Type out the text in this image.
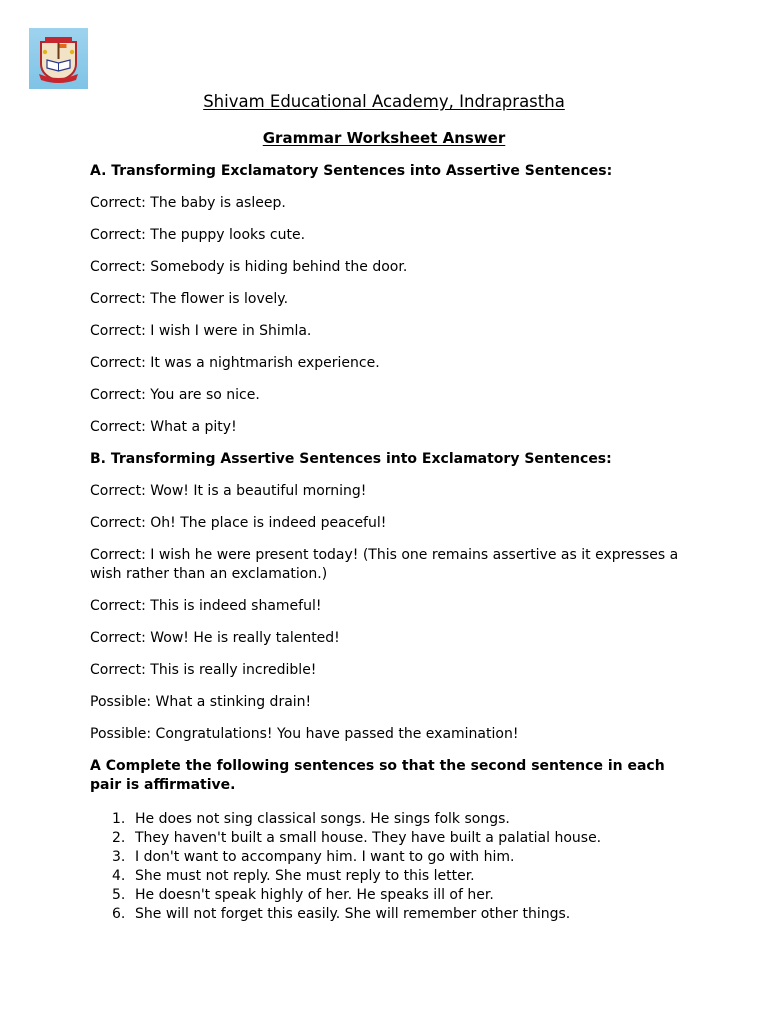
Shivam Educational Academy, Indraprastha
Grammar Worksheet Answer

A. Transforming Exclamatory Sentences into Assertive Sentences:

Correct: The baby is asleep.

Correct: The puppy looks cute.

Correct: Somebody is hiding behind the door.

Correct: The flower is lovely.

Correct: I wish I were in Shimla.

Correct: It was a nightmarish experience.

Correct: You are so nice.

Correct: What a pity!

B. Transforming Assertive Sentences into Exclamatory Sentences:

Correct: Wow! It is a beautiful morning!

Correct: Oh! The place is indeed peaceful!

Correct: I wish he were present today! (This one remains assertive as it expresses a wish rather than an exclamation.)

Correct: This is indeed shameful!

Correct: Wow! He is really talented!

Correct: This is really incredible!

Possible: What a stinking drain!

Possible: Congratulations! You have passed the examination!

A Complete the following sentences so that the second sentence in each pair is affirmative.

1. He does not sing classical songs. He sings folk songs.
2. They haven't built a small house. They have built a palatial house.
3. I don't want to accompany him. I want to go with him.
4. She must not reply. She must reply to this letter.
5. He doesn't speak highly of her. He speaks ill of her.
6. She will not forget this easily. She will remember other things.
